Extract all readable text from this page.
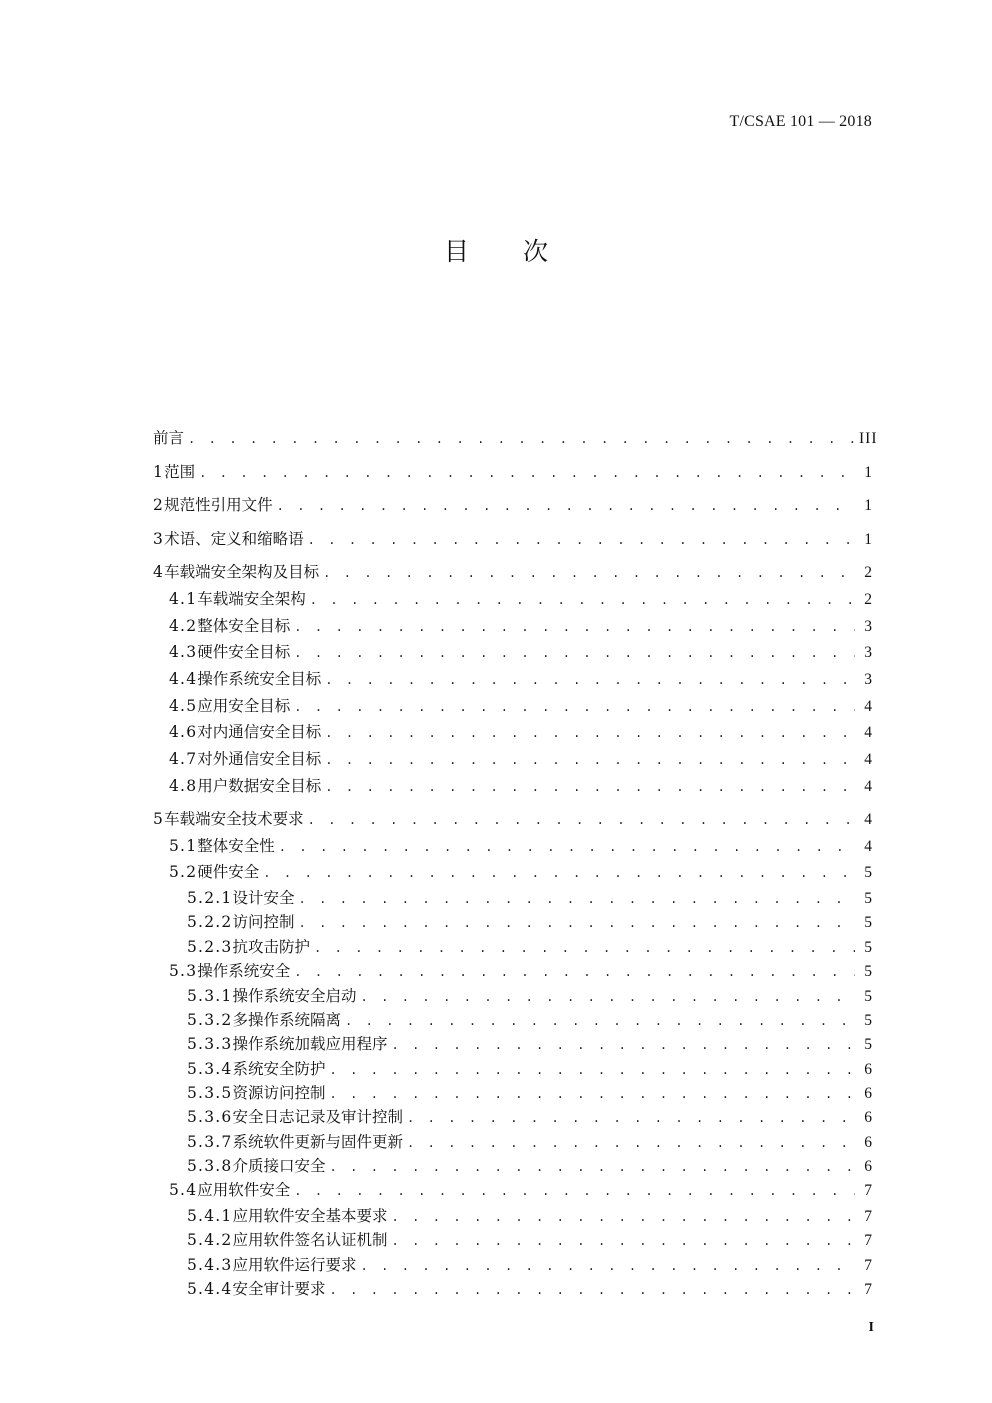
T/CSAE 101 — 2018
目次
前言 . . .	III
1 范围 . . .	1
2 规范性引用文件 . . .	1
3 术语、定义和缩略语 . . .	1
4 车载端安全架构及目标 . . .	2
4.1 车载端安全架构 . . .	2
4.2 整体安全目标 . . .	3
4.3 硬件安全目标 . . .	3
4.4 操作系统安全目标 . . .	3
4.5 应用安全目标 . . .	4
4.6 对内通信安全目标 . . .	4
4.7 对外通信安全目标 . . .	4
4.8 用户数据安全目标 . . .	4
5 车载端安全技术要求 . . .	4
5.1 整体安全性 . . .	4
5.2 硬件安全 . . .	5
5.2.1 设计安全 . . .	5
5.2.2 访问控制 . . .	5
5.2.3 抗攻击防护 . . .	5
5.3 操作系统安全 . . .	5
5.3.1 操作系统安全启动 . . .	5
5.3.2 多操作系统隔离 . . .	5
5.3.3 操作系统加载应用程序 . . .	5
5.3.4 系统安全防护 . . .	6
5.3.5 资源访问控制 . . .	6
5.3.6 安全日志记录及审计控制 . . .	6
5.3.7 系统软件更新与固件更新 . . .	6
5.3.8 介质接口安全 . . .	6
5.4 应用软件安全 . . .	7
5.4.1 应用软件安全基本要求 . . .	7
5.4.2 应用软件签名认证机制 . . .	7
5.4.3 应用软件运行要求 . . .	7
5.4.4 安全审计要求 . . .	7
I
